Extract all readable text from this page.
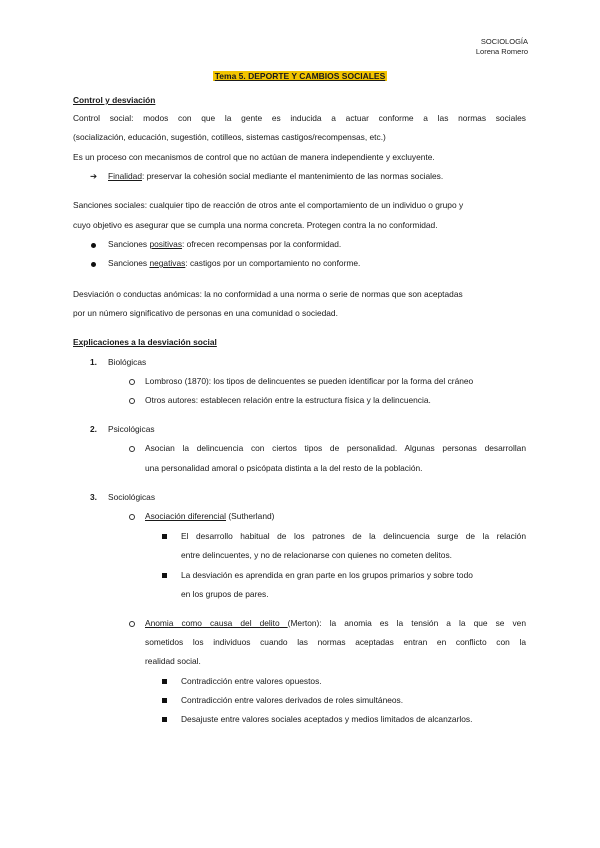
SOCIOLOGÍA
Lorena Romero
Tema 5. DEPORTE Y CAMBIOS SOCIALES
Control y desviación
Control social: modos con que la gente es inducida a actuar conforme a las normas sociales
(socialización, educación, sugestión, cotilleos, sistemas castigos/recompensas, etc.)
Es un proceso con mecanismos de control que no actúan de manera independiente y excluyente.
➔ Finalidad: preservar la cohesión social mediante el mantenimiento de las normas sociales.
Sanciones sociales: cualquier tipo de reacción de otros ante el comportamiento de un individuo o grupo y
cuyo objetivo es asegurar que se cumpla una norma concreta. Protegen contra la no conformidad.
Sanciones positivas: ofrecen recompensas por la conformidad.
Sanciones negativas: castigos por un comportamiento no conforme.
Desviación o conductas anómicas: la no conformidad a una norma o serie de normas que son aceptadas
por un número significativo de personas en una comunidad o sociedad.
Explicaciones a la desviación social
1. Biológicas
Lombroso (1870): los tipos de delincuentes se pueden identificar por la forma del cráneo
Otros autores: establecen relación entre la estructura física y la delincuencia.
2. Psicológicas
Asocian la delincuencia con ciertos tipos de personalidad. Algunas personas desarrollan
una personalidad amoral o psicópata distinta a la del resto de la población.
3. Sociológicas
Asociación diferencial (Sutherland)
El desarrollo habitual de los patrones de la delincuencia surge de la relación
entre delincuentes, y no de relacionarse con quienes no cometen delitos.
La desviación es aprendida en gran parte en los grupos primarios y sobre todo
en los grupos de pares.
Anomia como causa del delito (Merton): la anomia es la tensión a la que se ven
sometidos los individuos cuando las normas aceptadas entran en conflicto con la
realidad social.
Contradicción entre valores opuestos.
Contradicción entre valores derivados de roles simultáneos.
Desajuste entre valores sociales aceptados y medios limitados de alcanzarlos.
